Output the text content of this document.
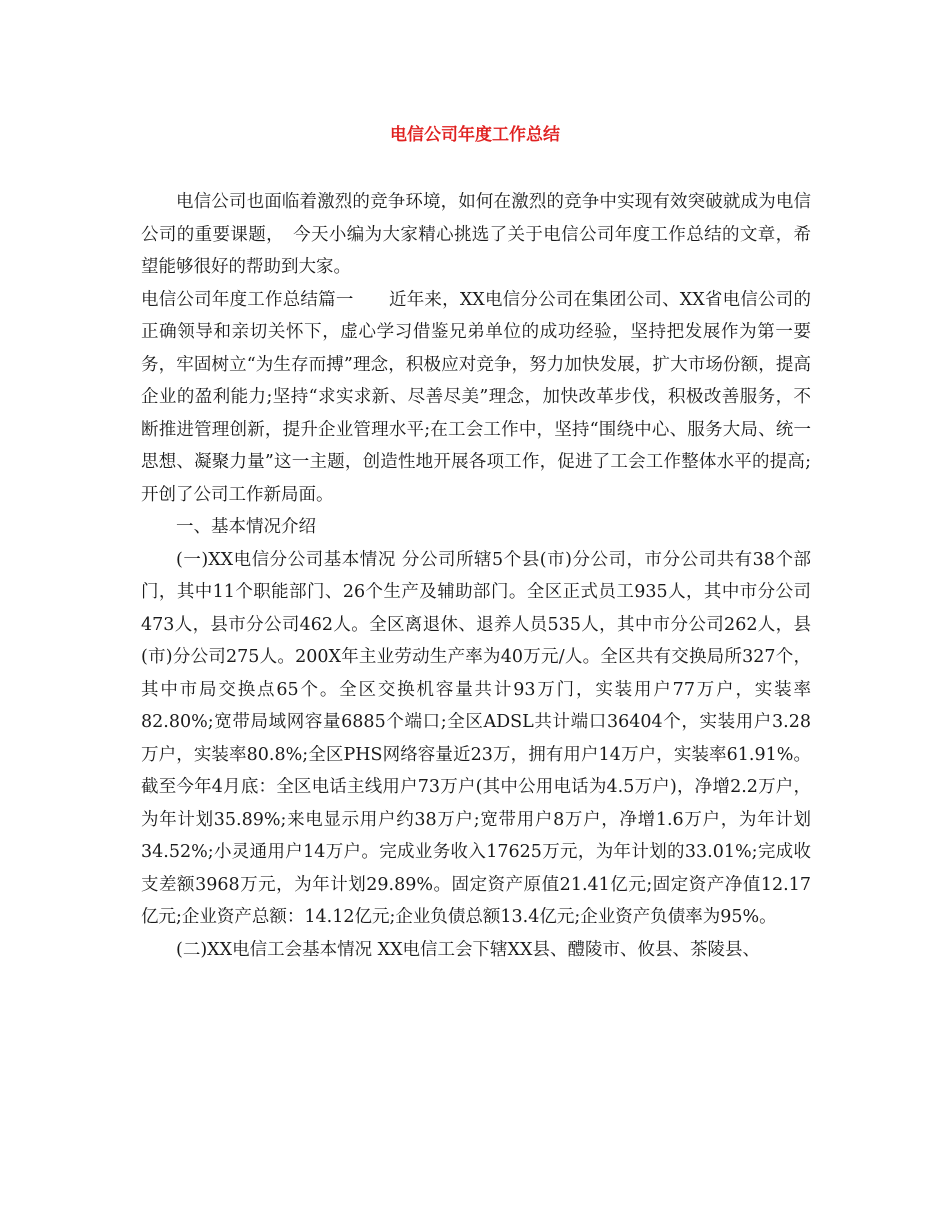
电信公司年度工作总结

电信公司也面临着激烈的竞争环境，如何在激烈的竞争中实现有效突破就成为电信公司的重要课题，　今天小编为大家精心挑选了关于电信公司年度工作总结的文章，希望能够很好的帮助到大家。

电信公司年度工作总结篇一　　近年来，XX电信分公司在集团公司、XX省电信公司的正确领导和亲切关怀下，虚心学习借鉴兄弟单位的成功经验，坚持把发展作为第一要务，牢固树立“为生存而搏”理念，积极应对竞争，努力加快发展，扩大市场份额，提高企业的盈利能力;坚持“求实求新、尽善尽美”理念，加快改革步伐，积极改善服务，不断推进管理创新，提升企业管理水平;在工会工作中，坚持“围绕中心、服务大局、统一思想、凝聚力量”这一主题，创造性地开展各项工作，促进了工会工作整体水平的提高;开创了公司工作新局面。

一、基本情况介绍

(一)XX电信分公司基本情况 分公司所辖5个县(市)分公司，市分公司共有38个部门，其中11个职能部门、26个生产及辅助部门。全区正式员工935人，其中市分公司473人，县市分公司462人。全区离退休、退养人员535人，其中市分公司262人，县(市)分公司275人。200X年主业劳动生产率为40万元/人。全区共有交换局所327个，其中市局交换点65个。全区交换机容量共计93万门，实装用户77万户，实装率82.80%;宽带局域网容量6885个端口;全区ADSL共计端口36404个，实装用户3.28万户，实装率80.8%;全区PHS网络容量近23万，拥有用户14万户，实装率61.91%。截至今年4月底：全区电话主线用户73万户(其中公用电话为4.5万户)，净增2.2万户，为年计划35.89%;来电显示用户约38万户;宽带用户8万户，净增1.6万户，为年计划34.52%;小灵通用户14万户。完成业务收入17625万元，为年计划的33.01%;完成收支差额3968万元，为年计划29.89%。固定资产原值21.41亿元;固定资产净值12.17亿元;企业资产总额：14.12亿元;企业负债总额13.4亿元;企业资产负债率为95%。

(二)XX电信工会基本情况 XX电信工会下辖XX县、醴陵市、攸县、茶陵县、
